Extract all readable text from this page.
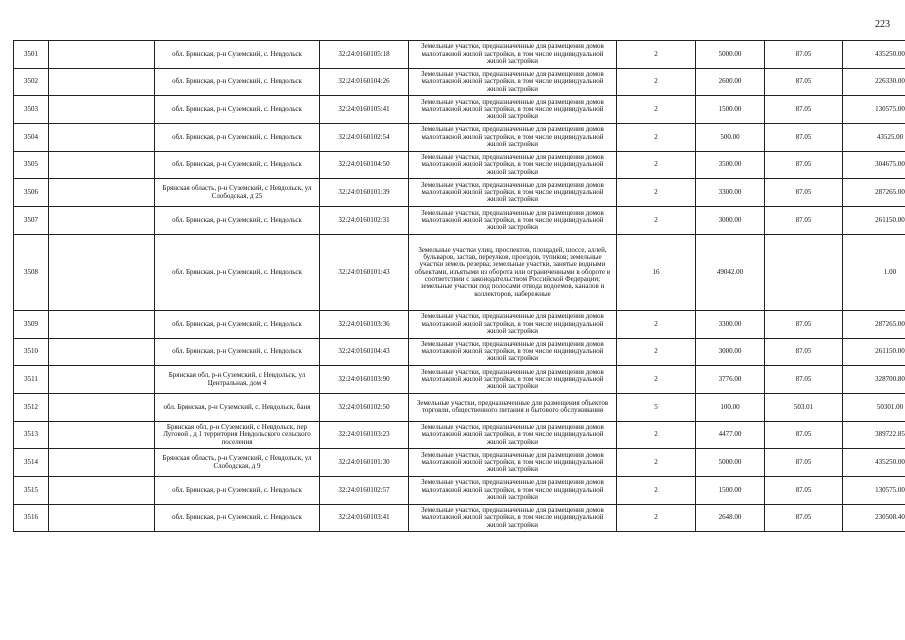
223
3501		обл. Брянская, р-н Суземский, с. Невдольск	32:24:0160105:18	Земельные участки, предназначенные для размещения домов малоэтажной жилой застройки, в том числе индивидуальной жилой застройки	2	5000.00	87.05	435250.00
3502		обл. Брянская, р-н Суземский, с. Невдольск	32:24:0160104:26	Земельные участки, предназначенные для размещения домов малоэтажной жилой застройки, в том числе индивидуальной жилой застройки	2	2600.00	87.05	226330.00
3503		обл. Брянская, р-н Суземский, с. Невдольск	32:24:0160105:41	Земельные участки, предназначенные для размещения домов малоэтажной жилой застройки, в том числе индивидуальной жилой застройки	2	1500.00	87.05	130575.00
3504		обл. Брянская, р-н Суземский, с. Невдольск	32:24:0160102:54	Земельные участки, предназначенные для размещения домов малоэтажной жилой застройки, в том числе индивидуальной жилой застройки	2	500.00	87.05	43525.00
3505		обл. Брянская, р-н Суземский, с. Невдольск	32:24:0160104:50	Земельные участки, предназначенные для размещения домов малоэтажной жилой застройки, в том числе индивидуальной жилой застройки	2	3500.00	87.05	304675.00
3506		Брянская область, р-н Суземский, с Невдольск, ул Слободская, д 25	32:24:0160101:39	Земельные участки, предназначенные для размещения домов малоэтажной жилой застройки, в том числе индивидуальной жилой застройки	2	3300.00	87.05	287265.00
3507		обл. Брянская, р-н Суземский, с. Невдольск	32:24:0160102:31	Земельные участки, предназначенные для размещения домов малоэтажной жилой застройки, в том числе индивидуальной жилой застройки	2	3000.00	87.05	261150.00
3508		обл. Брянская, р-н Суземский, с. Невдольск	32:24:0160101:43	Земельные участки улиц, проспектов, площадей, шоссе, аллей, бульваров, застав, переулков, проездов, тупиков; земельные участки земель резерва; земельные участки, занятые водными объектами, изъятыми из оборота или ограниченными в обороте в соответствии с законодательством Российской Федерации; земельные участки под полосами отвода водоемов, каналов и коллекторов, набережные	16	49042.00		1.00
3509		обл. Брянская, р-н Суземский, с. Невдольск	32:24:0160103:36	Земельные участки, предназначенные для размещения домов малоэтажной жилой застройки, в том числе индивидуальной жилой застройки	2	3300.00	87.05	287265.00
3510		обл. Брянская, р-н Суземский, с. Невдольск	32:24:0160104:43	Земельные участки, предназначенные для размещения домов малоэтажной жилой застройки, в том числе индивидуальной жилой застройки	2	3000.00	87.05	261150.00
3511		Брянская обл, р-н Суземский, с Невдольск, ул Центральная, дом 4	32:24:0160103:90	Земельные участки, предназначенные для размещения домов малоэтажной жилой застройки, в том числе индивидуальной жилой застройки	2	3776.00	87.05	328700.80
3512		обл. Брянская, р-н Суземский, с. Невдольск, баня	32:24:0160102:50	Земельные участки, предназначенные для размещения объектов торговли, общественного питания и бытового обслуживания	5	100.00	503.01	50301.00
3513		Брянская обл, р-н Суземский, с Невдольск, пер Луговой , д 1 территория Невдольского сельского поселения	32:24:0160103:23	Земельные участки, предназначенные для размещения домов малоэтажной жилой застройки, в том числе индивидуальной жилой застройки	2	4477.00	87.05	389722.85
3514		Брянская область, р-н Суземский, с Невдольск, ул Слободская, д 9	32:24:0160101:30	Земельные участки, предназначенные для размещения домов малоэтажной жилой застройки, в том числе индивидуальной жилой застройки	2	5000.00	87.05	435250.00
3515		обл. Брянская, р-н Суземский, с. Невдольск	32:24:0160102:57	Земельные участки, предназначенные для размещения домов малоэтажной жилой застройки, в том числе индивидуальной жилой застройки	2	1500.00	87.05	130575.00
3516		обл. Брянская, р-н Суземский, с. Невдольск	32:24:0160103:41	Земельные участки, предназначенные для размещения домов малоэтажной жилой застройки, в том числе индивидуальной жилой застройки	2	2648.00	87.05	230508.40
